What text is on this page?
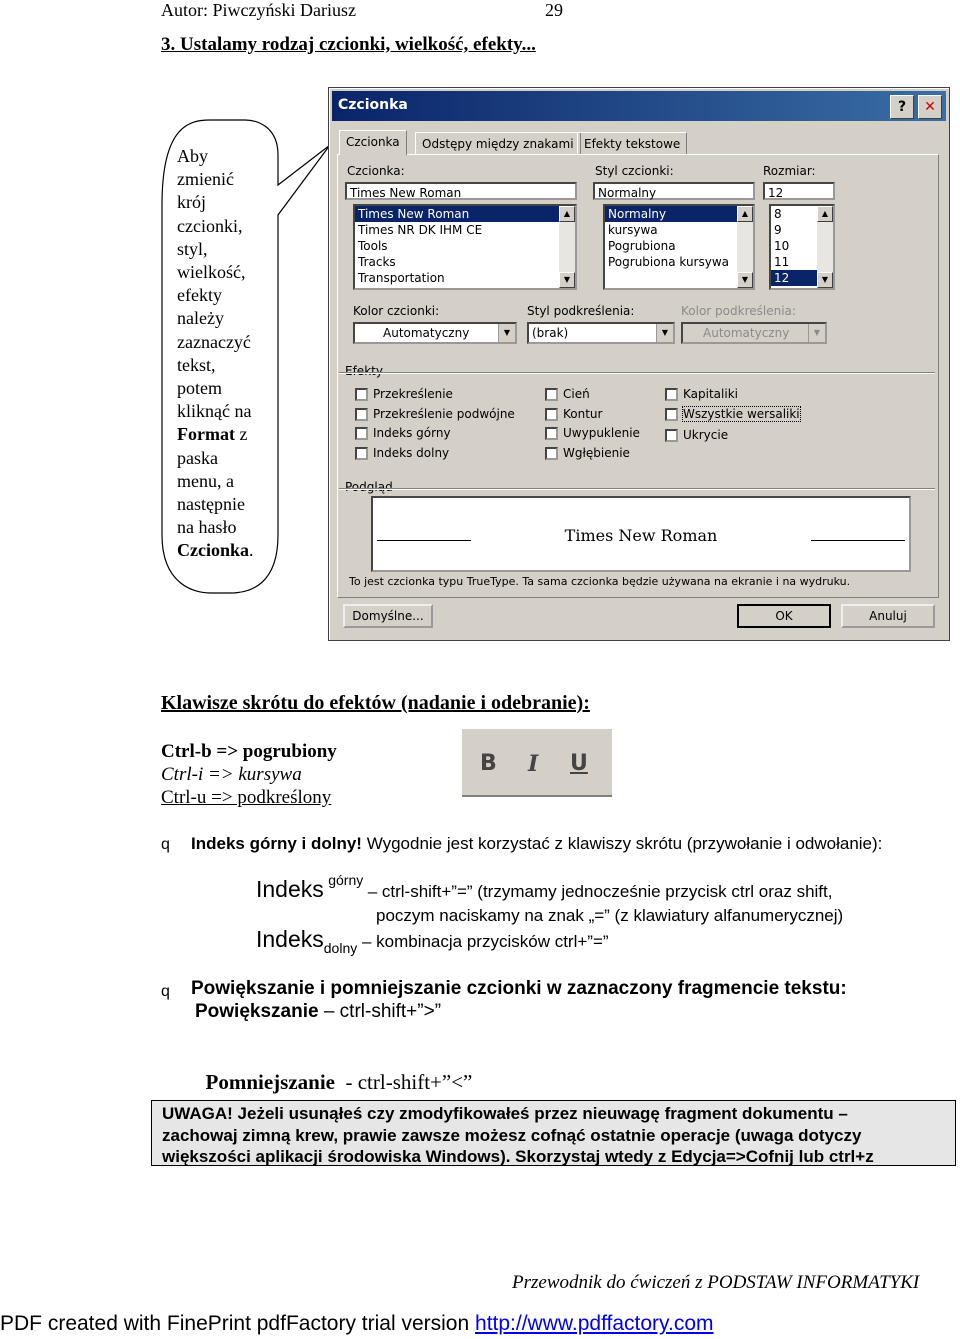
Autor: Piwczyński Dariusz	29
3. Ustalamy rodzaj czcionki, wielkość, efekty...
Aby
zmienić
krój
czcionki,
styl,
wielkość,
efekty
należy
zaznaczyć
tekst,
potem
kliknąć na
Format z
paska
menu, a
następnie
na hasło
Czcionka.
Czcionka	?	✕
Czcionka	Odstępy między znakami Efekty tekstowe
Czcionka:
Times New Roman
Times New Roman
Times NR DK IHM CE
Tools
Tracks
Transportation
▲
▼
Styl czcionki:
Normalny
Normalny
kursywa
Pogrubiona
Pogrubiona kursywa
▲
▼
Rozmiar:
12
8
9
10
11
12
▲
▼
Kolor czcionki:
Automatyczny	▼
Styl podkreślenia:
(brak)	▼
Kolor podkreślenia:
Automatyczny	▼
Efekty
Przekreślenie
Przekreślenie podwójne
Indeks górny
Indeks dolny
Cień
Kontur
Uwypuklenie
Wgłębienie
Kapitaliki
Wszystkie wersaliki
Ukrycie
Podgląd
Times New Roman
To jest czcionka typu TrueType. Ta sama czcionka będzie używana na ekranie i na wydruku.
Domyślne...	OK	Anuluj
Klawisze skrótu do efektów (nadanie i odebranie):
Ctrl-b => pogrubiony
Ctrl-i => kursywa
Ctrl-u => podkreślony
B I U
q Indeks górny i dolny! Wygodnie jest korzystać z klawiszy skrótu (przywołanie i odwołanie):
Indeks górny – ctrl-shift+”=” (trzymamy jednocześnie przycisk ctrl oraz shift,
poczym naciskamy na znak „=” (z klawiatury alfanumerycznej)
Indeksdolny – kombinacja przycisków ctrl+”=”
q Powiększanie i pomniejszanie czcionki w zaznaczony fragmencie tekstu:
Powiększanie – ctrl-shift+”>”

Pomniejszanie  - ctrl-shift+”<”

UWAGA! Jeżeli usunąłeś czy zmodyfikowałeś przez nieuwagę fragment dokumentu –
zachowaj zimną krew, prawie zawsze możesz cofnąć ostatnie operacje (uwaga dotyczy
większości aplikacji środowiska Windows). Skorzystaj wtedy z Edycja=>Cofnij lub ctrl+z
Przewodnik do ćwiczeń z PODSTAW INFORMATYKI
PDF created with FinePrint pdfFactory trial version http://www.pdffactory.com
